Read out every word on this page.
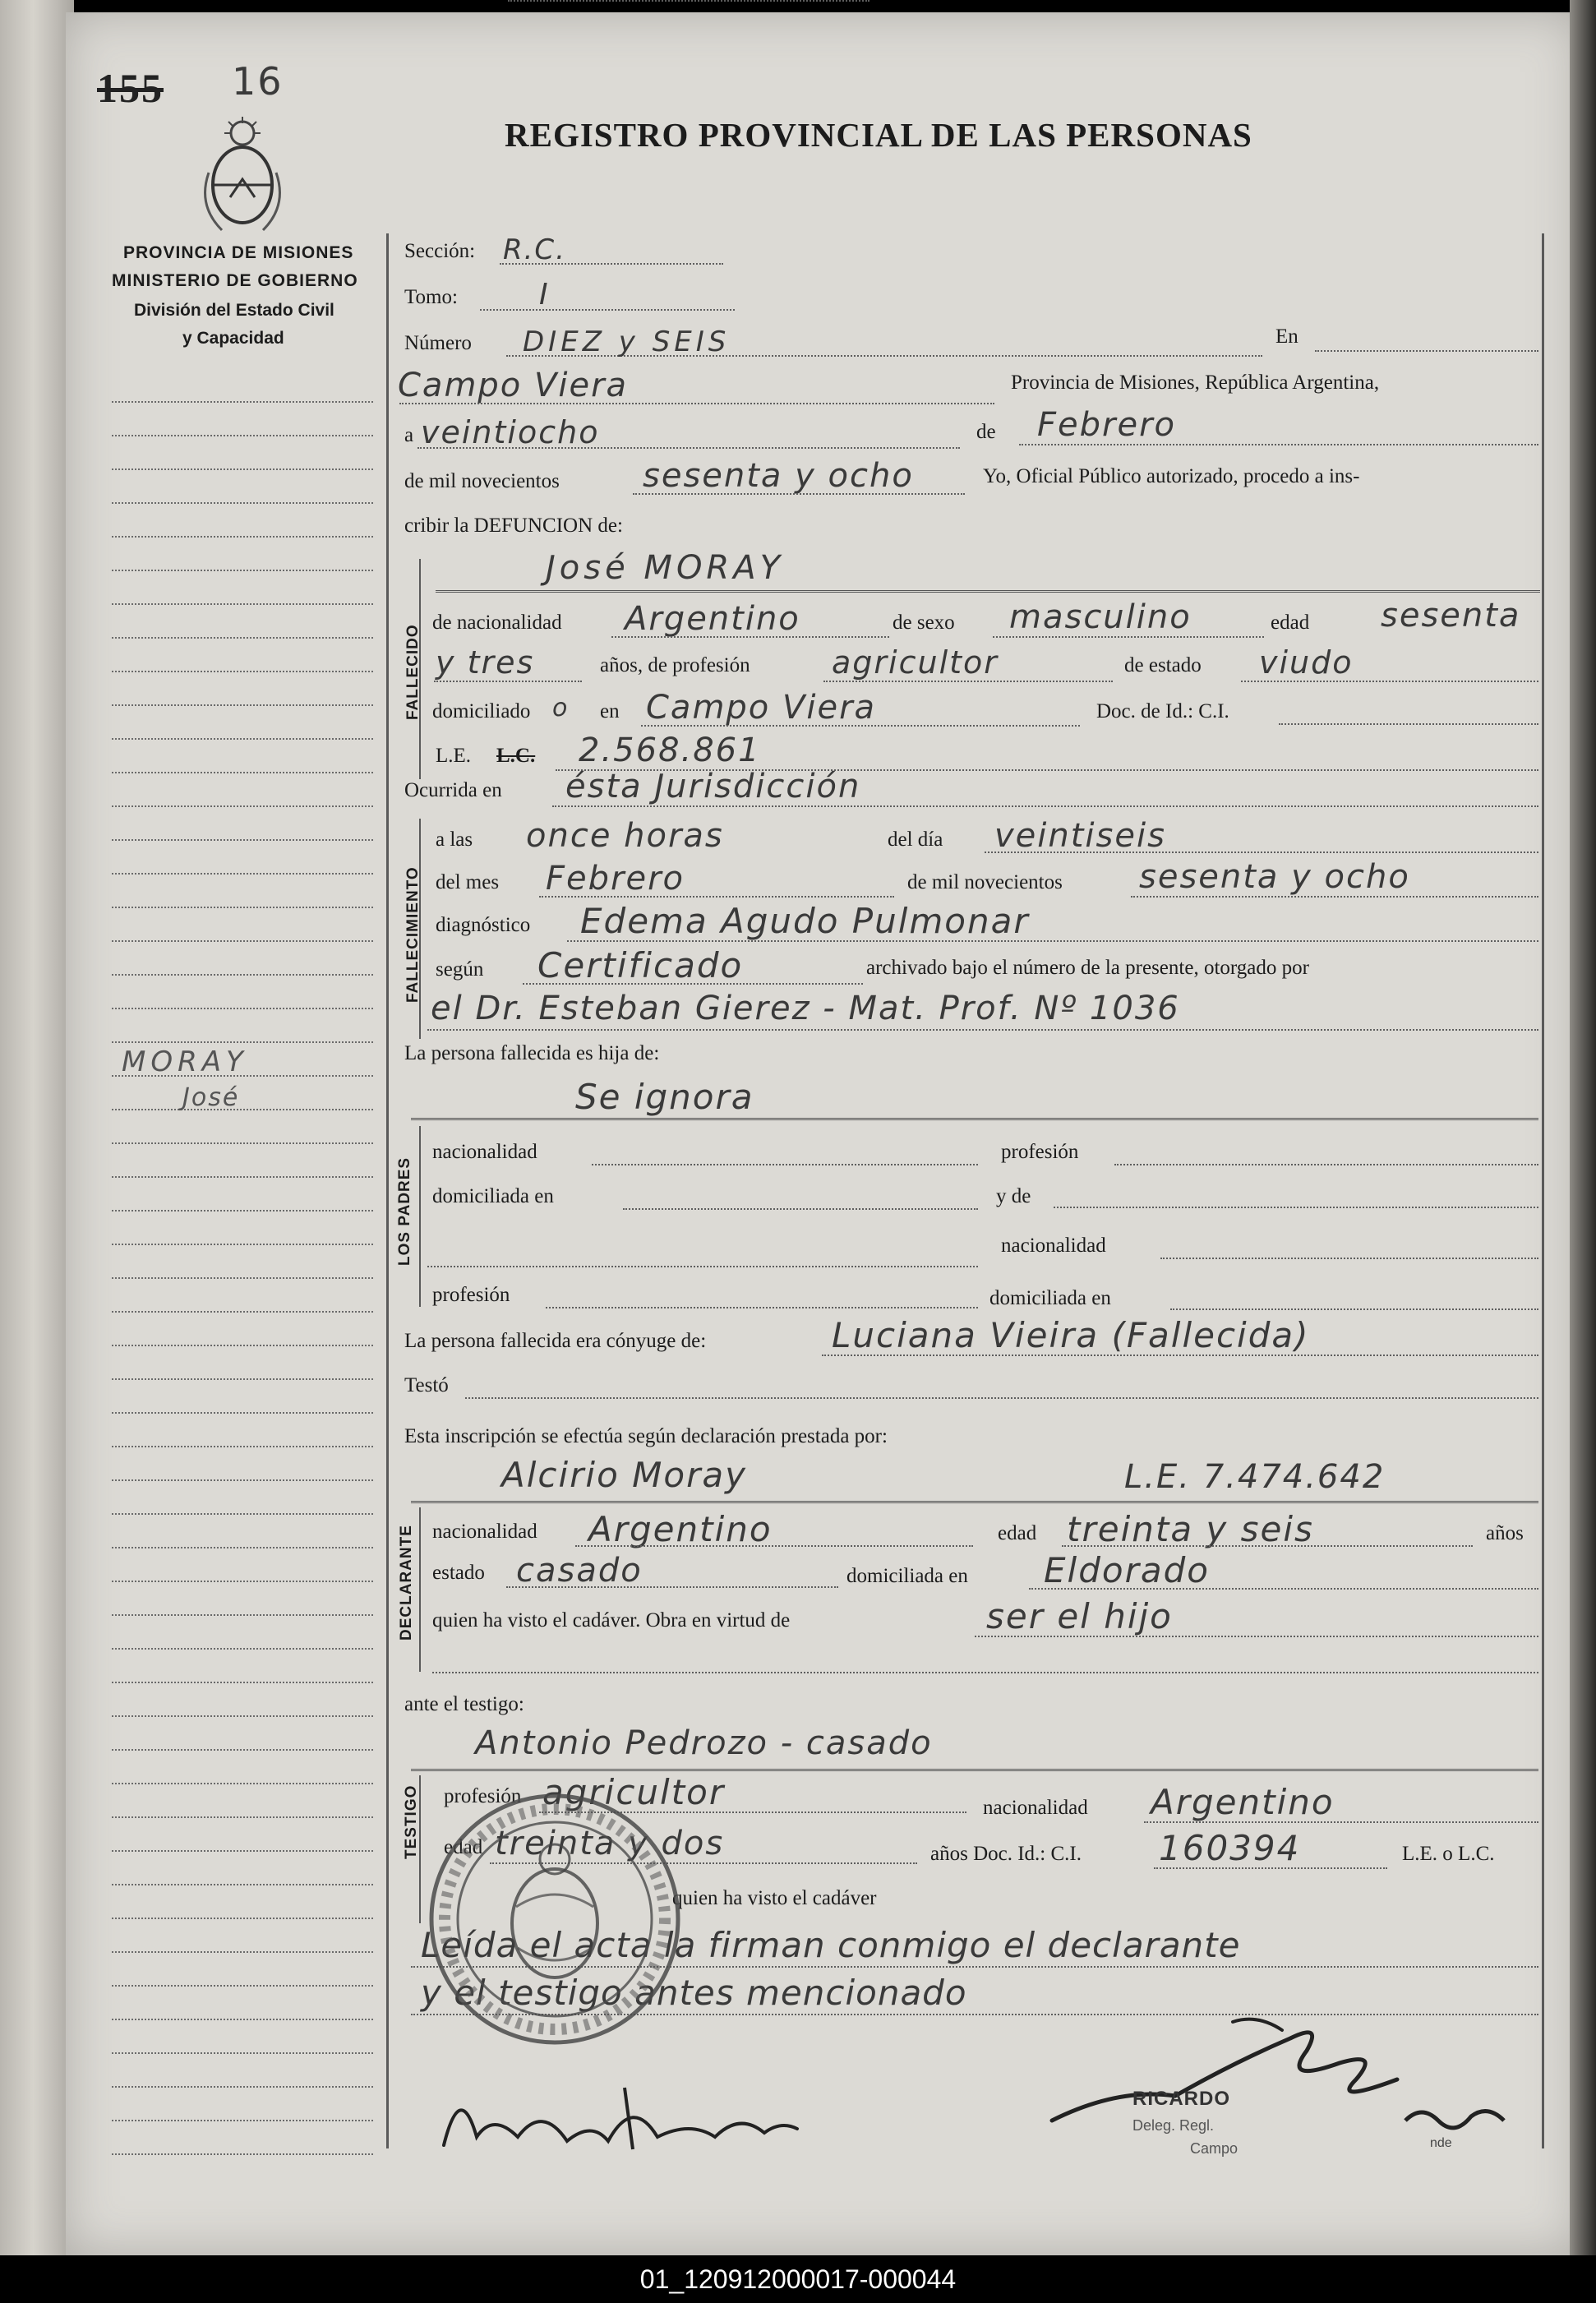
155 16
REGISTRO PROVINCIAL DE LAS PERSONAS
PROVINCIA DE MISIONES
MINISTERIO DE GOBIERNO
División del Estado Civil
y Capacidad
MORAY
José
Sección: R.C.
Tomo:	I
Número DIEZ y SEIS	En
Campo Viera	Provincia de Misiones, República Argentina,
a veintiocho	de Febrero
de mil novecientos	sesenta y ocho	Yo, Oficial Público autorizado, procedo a ins-
cribir la DEFUNCION de:
FALLECIDO
José MORAY
de nacionalidad Argentino	de sexo masculino	edad sesenta
y tres	años, de profesión	agricultor	de estado viudo
domiciliado o en Campo Viera	Doc. de Id.: C.I.
L.E. L.C. 2.568.861
Ocurrida en ésta Jurisdicción
FALLECIMIENTO
a las once horas	del día veintiseis
del mes Febrero	de mil novecientos sesenta y ocho
diagnóstico Edema Agudo Pulmonar
según Certificado	archivado bajo el número de la presente, otorgado por
el Dr. Esteban Gierez - Mat. Prof. Nº 1036
La persona fallecida es hija de:
Se ignora
LOS PADRES
nacionalidad	profesión
domiciliada en	y de
nacionalidad
profesión	domiciliada en
La persona fallecida era cónyuge de:	Luciana Vieira (Fallecida)
Testó
Esta inscripción se efectúa según declaración prestada por:
Alcirio Moray	L.E. 7.474.642
DECLARANTE nacionalidad Argentino	edad treinta y seis	años
estado casado	domiciliada en Eldorado
quien ha visto el cadáver. Obra en virtud de	ser el hijo
ante el testigo:
Antonio Pedrozo - casado
TESTIGO profesión agricultor	nacionalidad Argentino
edad treinta y dos	años Doc. Id.: C.I. 160394	L.E. o L.C.
quien ha visto el cadáver
Leída el acta la firman conmigo el declarante
y el testigo antes mencionado
RICARDO
Deleg. Regl.
Campo	nde
01_120912000017-000044
